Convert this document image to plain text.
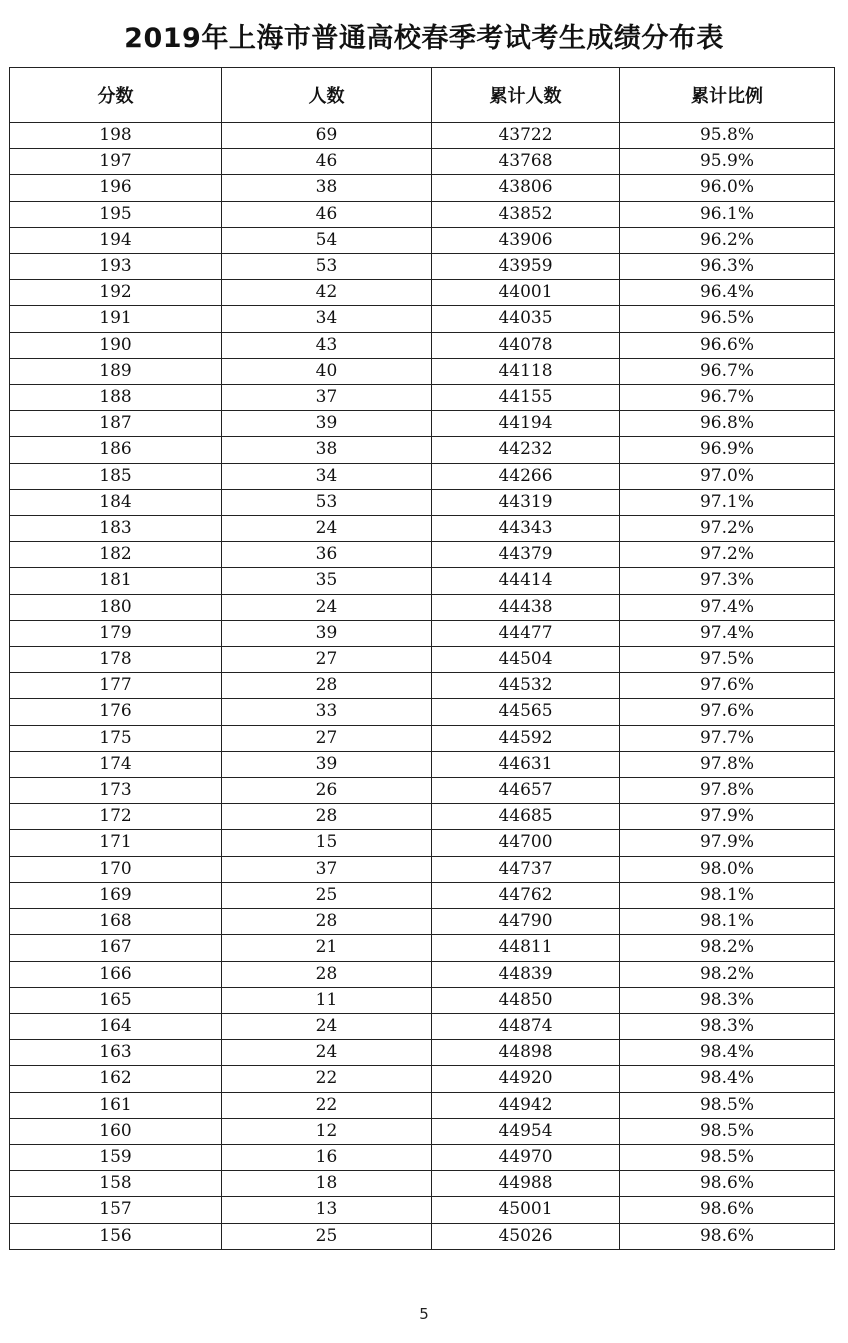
2019年上海市普通高校春季考试考生成绩分布表
分数	人数	累计人数	累计比例
198	69	43722	95.8%
197	46	43768	95.9%
196	38	43806	96.0%
195	46	43852	96.1%
194	54	43906	96.2%
193	53	43959	96.3%
192	42	44001	96.4%
191	34	44035	96.5%
190	43	44078	96.6%
189	40	44118	96.7%
188	37	44155	96.7%
187	39	44194	96.8%
186	38	44232	96.9%
185	34	44266	97.0%
184	53	44319	97.1%
183	24	44343	97.2%
182	36	44379	97.2%
181	35	44414	97.3%
180	24	44438	97.4%
179	39	44477	97.4%
178	27	44504	97.5%
177	28	44532	97.6%
176	33	44565	97.6%
175	27	44592	97.7%
174	39	44631	97.8%
173	26	44657	97.8%
172	28	44685	97.9%
171	15	44700	97.9%
170	37	44737	98.0%
169	25	44762	98.1%
168	28	44790	98.1%
167	21	44811	98.2%
166	28	44839	98.2%
165	11	44850	98.3%
164	24	44874	98.3%
163	24	44898	98.4%
162	22	44920	98.4%
161	22	44942	98.5%
160	12	44954	98.5%
159	16	44970	98.5%
158	18	44988	98.6%
157	13	45001	98.6%
156	25	45026	98.6%
5
